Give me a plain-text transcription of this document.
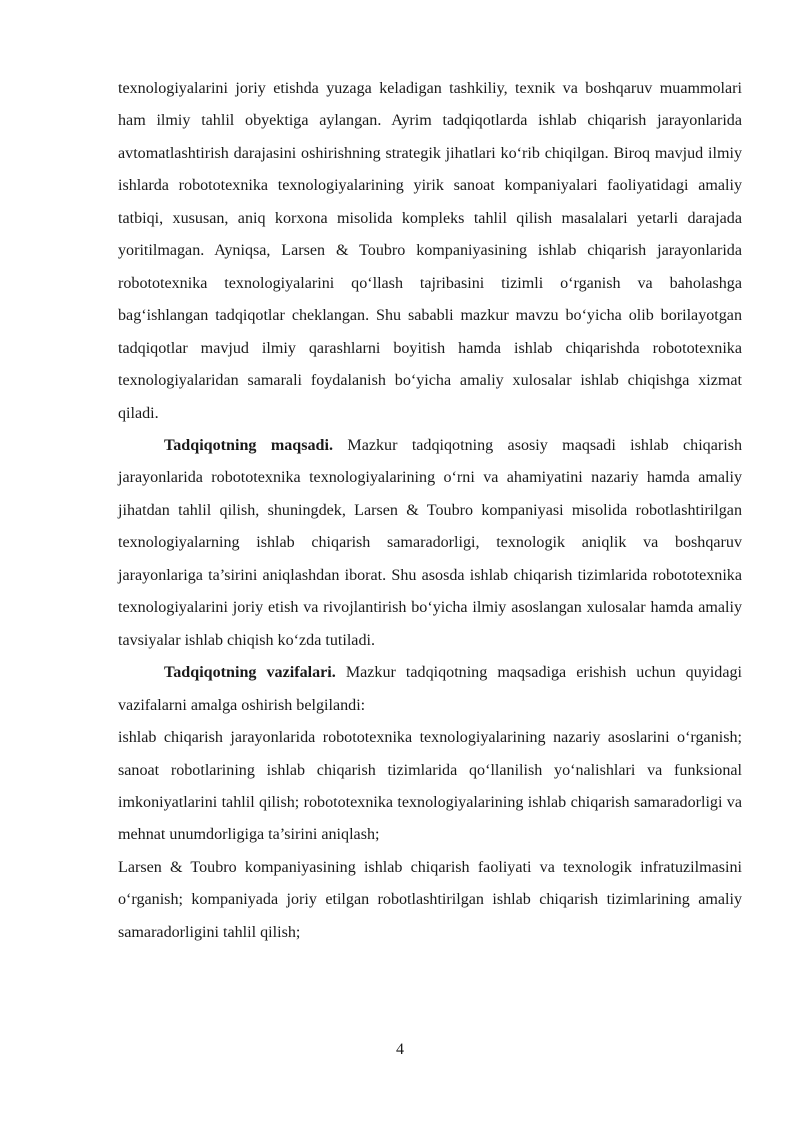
texnologiyalarini joriy etishda yuzaga keladigan tashkiliy, texnik va boshqaruv muammolari ham ilmiy tahlil obyektiga aylangan. Ayrim tadqiqotlarda ishlab chiqarish jarayonlarida avtomatlashtirish darajasini oshirishning strategik jihatlari ko‘rib chiqilgan. Biroq mavjud ilmiy ishlarda robototexnika texnologiyalarining yirik sanoat kompaniyalari faoliyatidagi amaliy tatbiqi, xususan, aniq korxona misolida kompleks tahlil qilish masalalari yetarli darajada yoritilmagan. Ayniqsa, Larsen & Toubro kompaniyasining ishlab chiqarish jarayonlarida robototexnika texnologiyalarini qo‘llash tajribasini tizimli o‘rganish va baholashga bag‘ishlangan tadqiqotlar cheklangan. Shu sababli mazkur mavzu bo‘yicha olib borilayotgan tadqiqotlar mavjud ilmiy qarashlarni boyitish hamda ishlab chiqarishda robototexnika texnologiyalaridan samarali foydalanish bo‘yicha amaliy xulosalar ishlab chiqishga xizmat qiladi.

Tadqiqotning maqsadi. Mazkur tadqiqotning asosiy maqsadi ishlab chiqarish jarayonlarida robototexnika texnologiyalarining o‘rni va ahamiyatini nazariy hamda amaliy jihatdan tahlil qilish, shuningdek, Larsen & Toubro kompaniyasi misolida robotlashtirilgan texnologiyalarning ishlab chiqarish samaradorligi, texnologik aniqlik va boshqaruv jarayonlariga ta’sirini aniqlashdan iborat. Shu asosda ishlab chiqarish tizimlarida robototexnika texnologiyalarini joriy etish va rivojlantirish bo‘yicha ilmiy asoslangan xulosalar hamda amaliy tavsiyalar ishlab chiqish ko‘zda tutiladi.

Tadqiqotning vazifalari. Mazkur tadqiqotning maqsadiga erishish uchun quyidagi vazifalarni amalga oshirish belgilandi:

ishlab chiqarish jarayonlarida robototexnika texnologiyalarining nazariy asoslarini o‘rganish; sanoat robotlarining ishlab chiqarish tizimlarida qo‘llanilish yo‘nalishlari va funksional imkoniyatlarini tahlil qilish; robototexnika texnologiyalarining ishlab chiqarish samaradorligi va mehnat unumdorligiga ta’sirini aniqlash;

Larsen & Toubro kompaniyasining ishlab chiqarish faoliyati va texnologik infratuzilmasini o‘rganish; kompaniyada joriy etilgan robotlashtirilgan ishlab chiqarish tizimlarining amaliy samaradorligini tahlil qilish;

4
